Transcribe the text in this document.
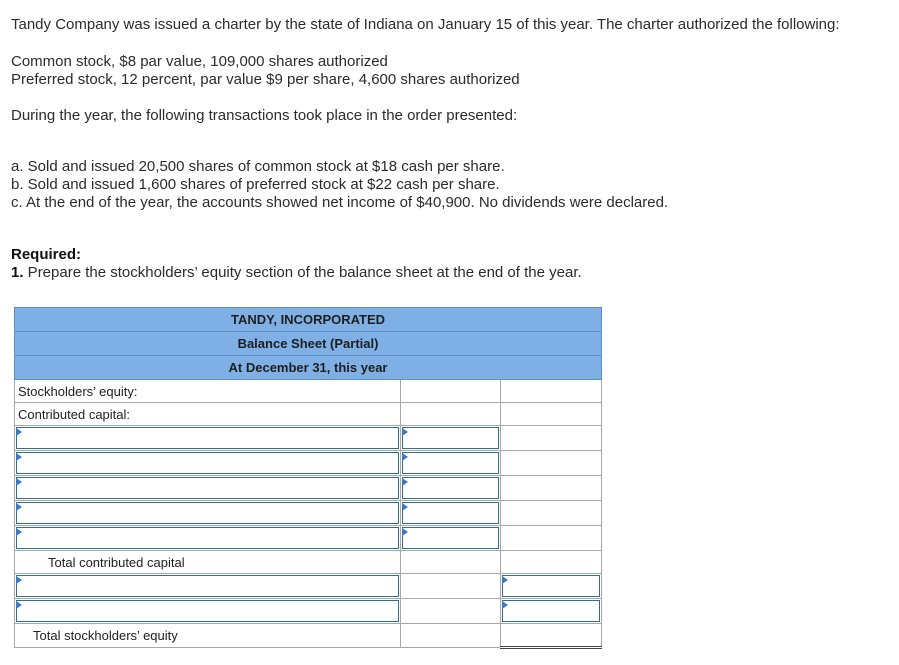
Tandy Company was issued a charter by the state of Indiana on January 15 of this year. The charter authorized the following:
Common stock, $8 par value, 109,000 shares authorized
Preferred stock, 12 percent, par value $9 per share, 4,600 shares authorized
During the year, the following transactions took place in the order presented:
a. Sold and issued 20,500 shares of common stock at $18 cash per share.
b. Sold and issued 1,600 shares of preferred stock at $22 cash per share.
c. At the end of the year, the accounts showed net income of $40,900. No dividends were declared.
Required:
1. Prepare the stockholders’ equity section of the balance sheet at the end of the year.
TANDY, INCORPORATED		
Balance Sheet (Partial)		
At December 31, this year		
Stockholders’ equity:		
Contributed capital:		

Total contributed capital		

Total stockholders’ equity		
